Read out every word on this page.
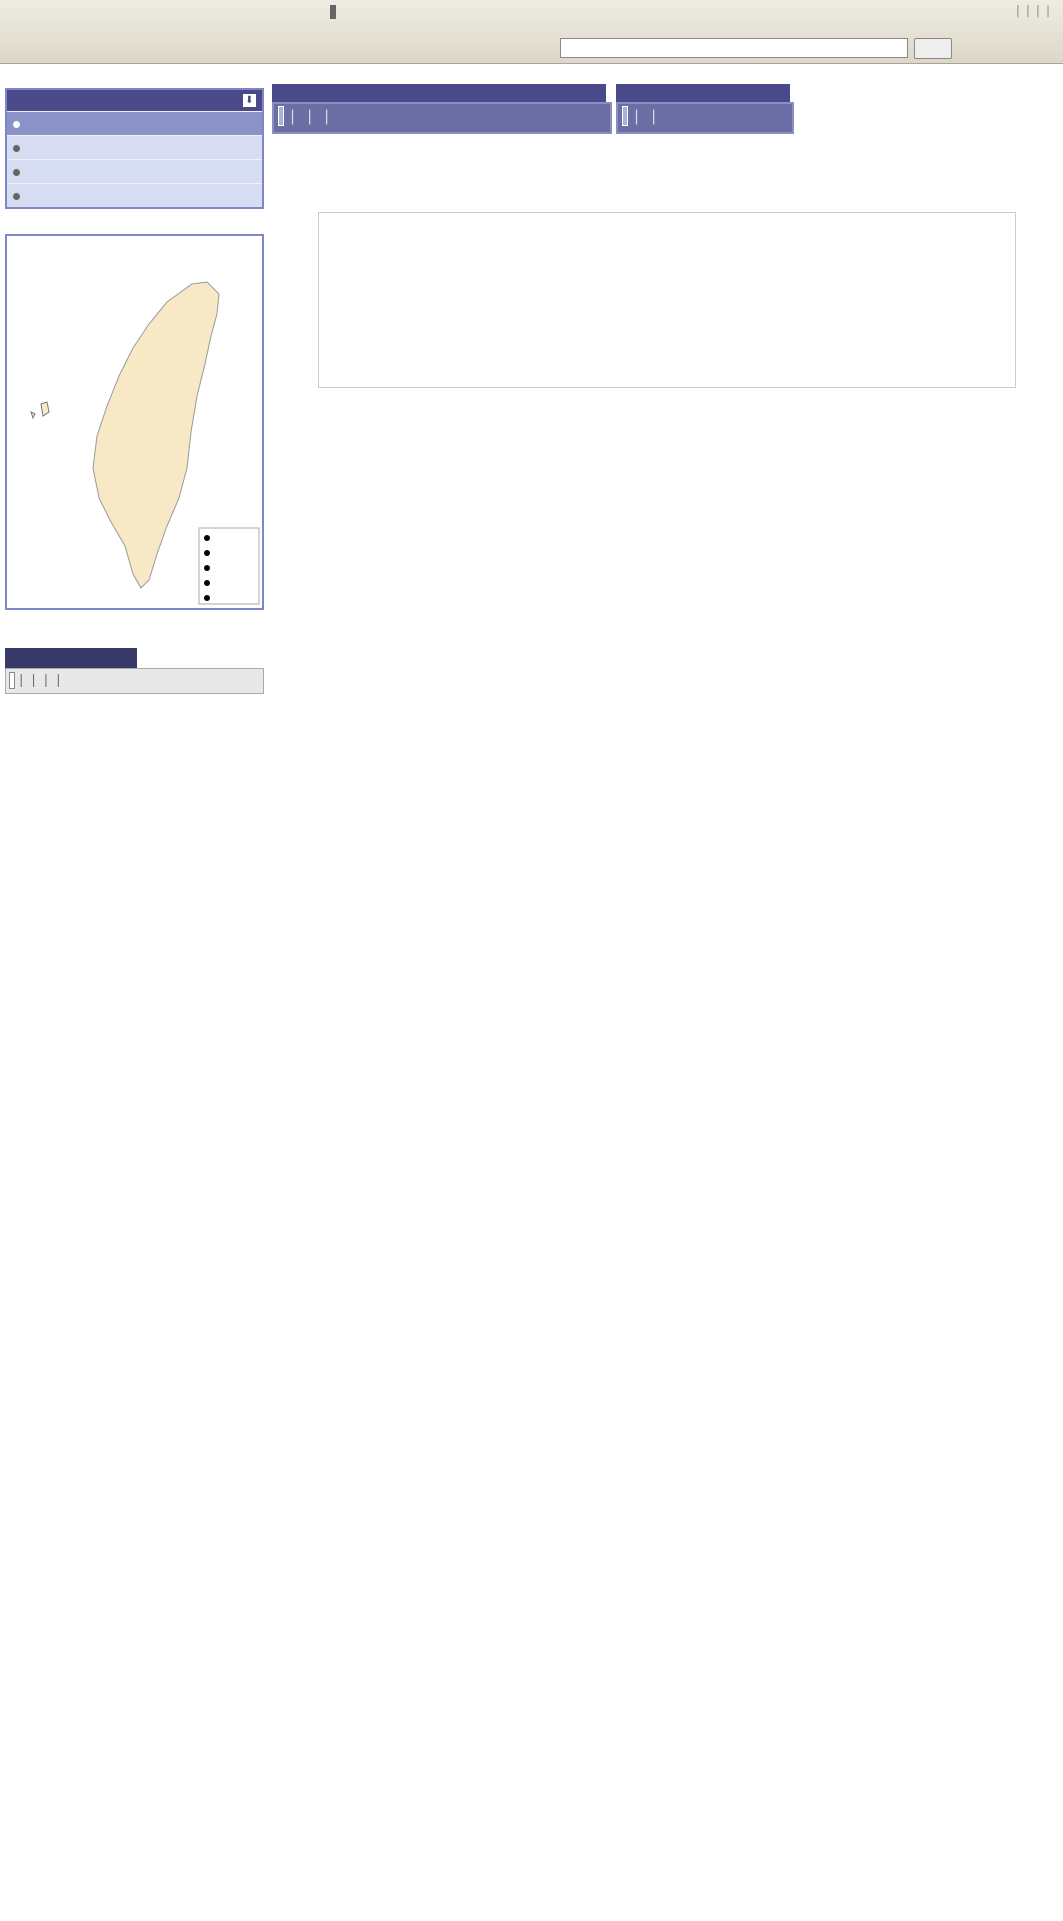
| | | |
⬇
| | | |
| | |	| |
